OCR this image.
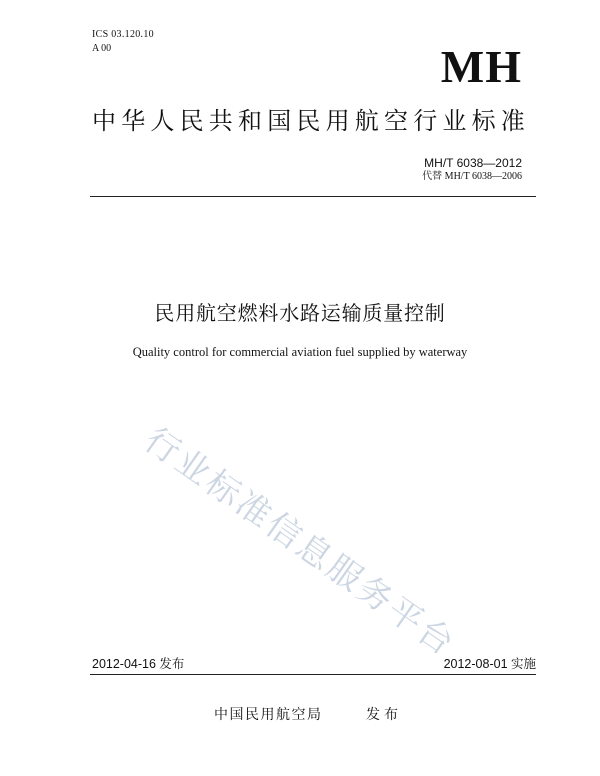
ICS 03.120.10
A 00	MH
中华人民共和国民用航空行业标准
MH/T 6038—2012
代替 MH/T 6038—2006
民用航空燃料水路运输质量控制
Quality control for commercial aviation fuel supplied by waterway
行业标准信息服务平台
2012-04-16 发布	2012-08-01 实施
中国民用航空局	发布
